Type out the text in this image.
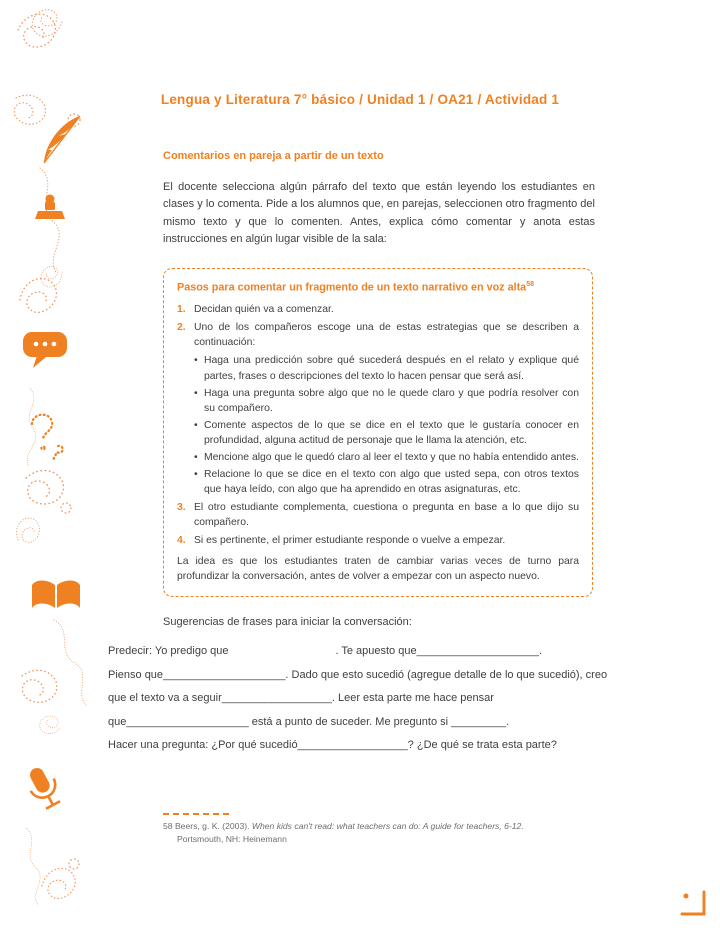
Lengua y Literatura 7° básico / Unidad 1 / OA21 / Actividad 1
Comentarios en pareja a partir de un texto

El docente selecciona algún párrafo del texto que están leyendo los estudiantes en clases y lo comenta. Pide a los alumnos que, en parejas, seleccionen otro fragmento del mismo texto y que lo comenten. Antes, explica cómo comentar y anota estas instrucciones en algún lugar visible de la sala:

Pasos para comentar un fragmento de un texto narrativo en voz alta$^{58}$
1. Decidan quién va a comenzar.
2. Uno de los compañeros escoge una de estas estrategias que se describen a continuación:
• Haga una predicción sobre qué sucederá después en el relato y explique qué partes, frases o descripciones del texto lo hacen pensar que será así.
• Haga una pregunta sobre algo que no le quede claro y que podría resolver con su compañero.
• Comente aspectos de lo que se dice en el texto que le gustaría conocer en profundidad, alguna actitud de personaje que le llama la atención, etc.
• Mencione algo que le quedó claro al leer el texto y que no había entendido antes.
• Relacione lo que se dice en el texto con algo que usted sepa, con otros textos que haya leído, con algo que ha aprendido en otras asignaturas, etc.
3. El otro estudiante complementa, cuestiona o pregunta en base a lo que dijo su compañero.
4. Si es pertinente, el primer estudiante responde o vuelve a empezar.

La idea es que los estudiantes traten de cambiar varias veces de turno para profundizar la conversación, antes de volver a empezar con un aspecto nuevo.

Sugerencias de frases para iniciar la conversación:

Predecir: Yo predigo que                                   . Te apuesto que____________________.

Pienso que____________________. Dado que esto sucedió (agregue detalle de lo que sucedió), creo que el texto va a seguir__________________. Leer esta parte me hace pensar que____________________ está a punto de suceder. Me pregunto si _________.

Hacer una pregunta: ¿Por qué sucedió__________________? ¿De qué se trata esta parte?

58 Beers, g. K. (2003). When kids can't read: what teachers can do: A guide for teachers, 6-12.
Portsmouth, NH: Heinemann
